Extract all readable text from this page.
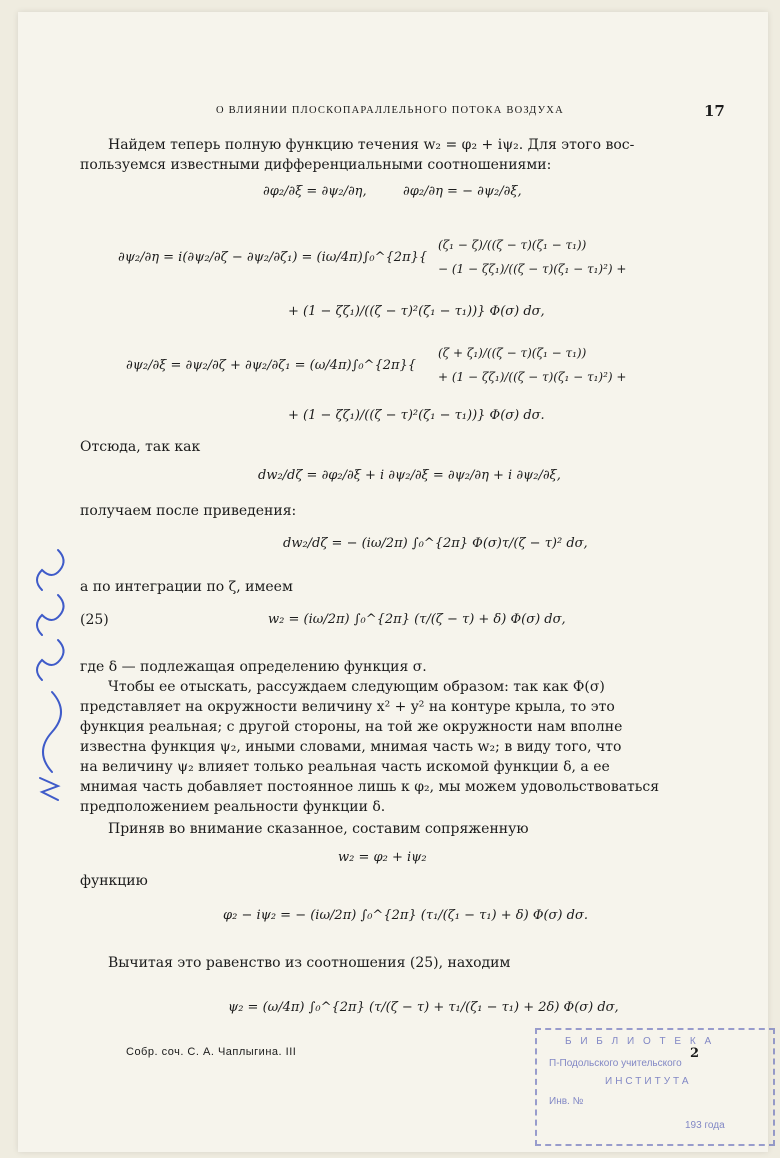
О ВЛИЯНИИ ПЛОСКОПАРАЛЛЕЛЬНОГО ПОТОКА ВОЗДУХА	17
Найдем теперь полную функцию течения w₂ = φ₂ + iψ₂. Для этого вос-
пользуемся известными дифференциальными соотношениями:
∂φ₂/∂ξ = ∂ψ₂/∂η,	∂φ₂/∂η = − ∂ψ₂/∂ξ,
∂ψ₂/∂η = i(∂ψ₂/∂ζ − ∂ψ₂/∂ζ₁) = (iω/4π)∫₀^{2π}{
(ζ₁ − ζ)/((ζ − τ)(ζ₁ − τ₁))
− (1 − ζζ₁)/((ζ − τ)(ζ₁ − τ₁)²) +
+ (1 − ζζ₁)/((ζ − τ)²(ζ₁ − τ₁))} Φ(σ) dσ,
∂ψ₂/∂ξ = ∂ψ₂/∂ζ + ∂ψ₂/∂ζ₁ = (ω/4π)∫₀^{2π}{
(ζ + ζ₁)/((ζ − τ)(ζ₁ − τ₁))
+ (1 − ζζ₁)/((ζ − τ)(ζ₁ − τ₁)²) +
+ (1 − ζζ₁)/((ζ − τ)²(ζ₁ − τ₁))} Φ(σ) dσ.
Отсюда, так как
dw₂/dζ = ∂φ₂/∂ξ + i ∂ψ₂/∂ξ = ∂ψ₂/∂η + i ∂ψ₂/∂ξ,
получаем после приведения:
dw₂/dζ = − (iω/2π) ∫₀^{2π} Φ(σ)τ/(ζ − τ)² dσ,
а по интеграции по ζ, имеем
(25)	w₂ = (iω/2π) ∫₀^{2π} (τ/(ζ − τ) + δ) Φ(σ) dσ,
где δ — подлежащая определению функция σ.
Чтобы ее отыскать, рассуждаем следующим образом: так как Φ(σ)
представляет на окружности величину x² + y² на контуре крыла, то это
функция реальная; с другой стороны, на той же окружности нам вполне
известна функция ψ₂, иными словами, мнимая часть w₂; в виду того, что
на величину ψ₂ влияет только реальная часть искомой функции δ, а ее
мнимая часть добавляет постоянное лишь к φ₂, мы можем удовольствоваться
предположением реальности функции δ.
Приняв во внимание сказанное, составим сопряженную
w₂ = φ₂ + iψ₂
функцию
φ₂ − iψ₂ = − (iω/2π) ∫₀^{2π} (τ₁/(ζ₁ − τ₁) + δ) Φ(σ) dσ.
Вычитая это равенство из соотношения (25), находим
ψ₂ = (ω/4π) ∫₀^{2π} (τ/(ζ − τ) + τ₁/(ζ₁ − τ₁) + 2δ) Φ(σ) dσ,
Собр. соч. С. А. Чаплыгина. III	2
Б И Б Л И О Т Е К А
П-Подольского учительского
ИНСТИТУТА
Инв. №
193 года
